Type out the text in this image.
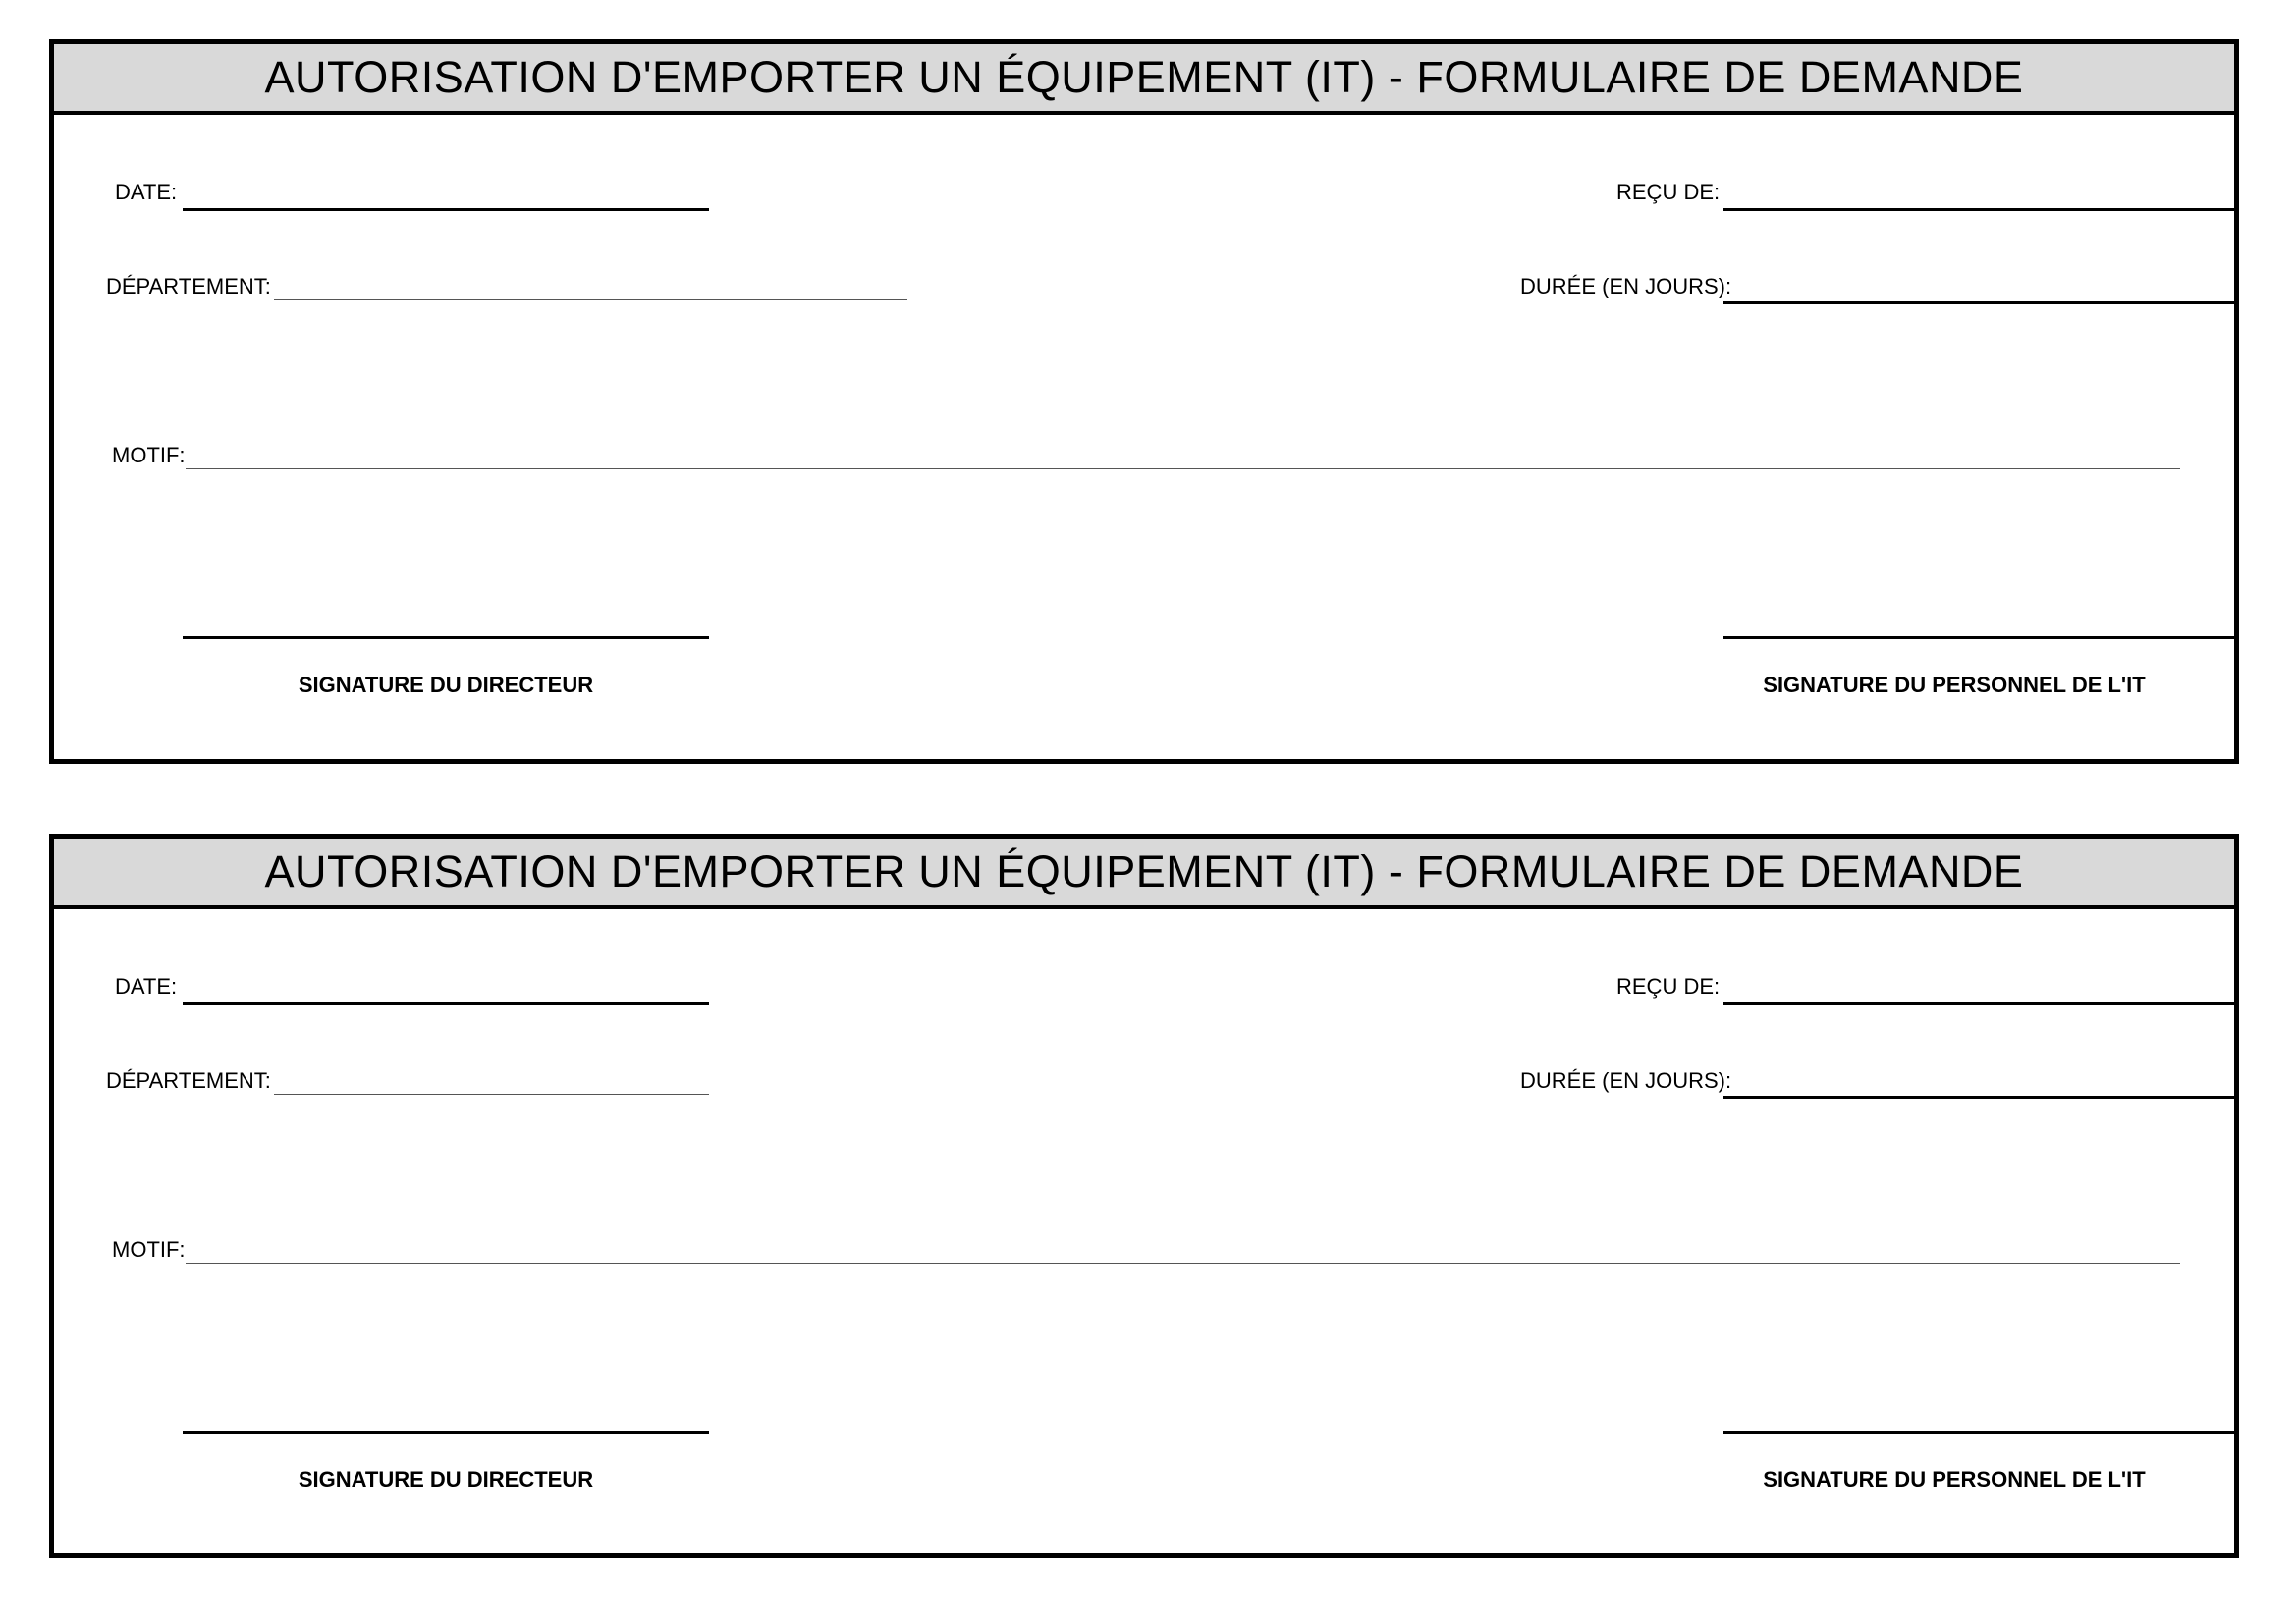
AUTORISATION D'EMPORTER UN ÉQUIPEMENT (IT) - FORMULAIRE DE DEMANDE
DATE:	REÇU DE:
DÉPARTEMENT:	DURÉE (EN JOURS):
MOTIF:
SIGNATURE DU DIRECTEUR	SIGNATURE DU PERSONNEL DE L'IT
AUTORISATION D'EMPORTER UN ÉQUIPEMENT (IT) - FORMULAIRE DE DEMANDE
DATE:	REÇU DE:
DÉPARTEMENT:	DURÉE (EN JOURS):
MOTIF:
SIGNATURE DU DIRECTEUR	SIGNATURE DU PERSONNEL DE L'IT
